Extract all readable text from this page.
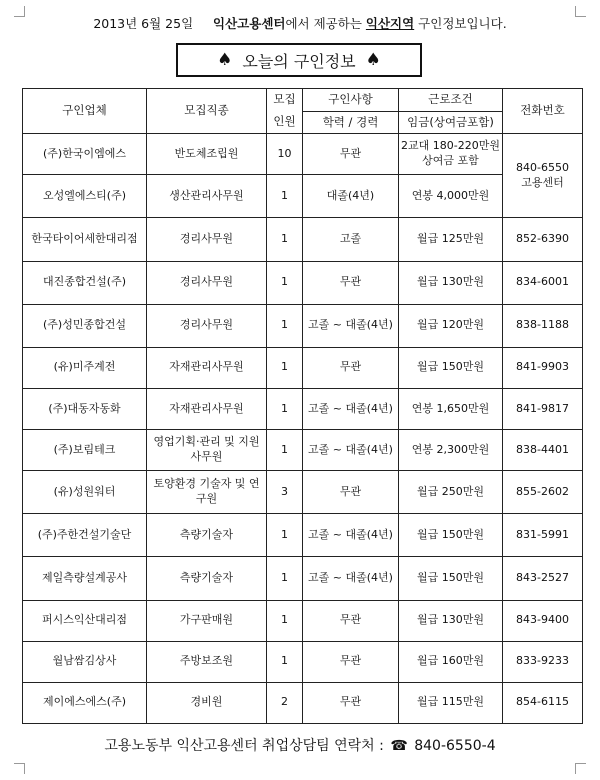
2013년 6월 25일 익산고용센터에서 제공하는 익산지역 구인정보입니다.
♠ 오늘의 구인정보 ♠
구인업체	모집직종	모집	구인사항	근로조건	전화번호
		인원	학력 / 경력	임금(상여금포함)	
(주)한국이엠에스	반도체조립원	10	무관	2교대 180-220만원 상여금 포함	840-6550
고용센터

오성엘에스티(주)	생산관리사무원	1	대졸(4년)	연봉 4,000만원	
한국타이어세한대리점	경리사무원	1	고졸	월급 125만원	852-6390
대진종합건설(주)	경리사무원	1	무관	월급 130만원	834-6001
(주)성민종합건설	경리사무원	1	고졸 ~ 대졸(4년)	월급 120만원	838-1188
(유)미주계전	자재관리사무원	1	무관	월급 150만원	841-9903
(주)대동자동화	자재관리사무원	1	고졸 ~ 대졸(4년)	연봉 1,650만원	841-9817
(주)보림테크	영업기획·관리 및 지원 사무원	1	고졸 ~ 대졸(4년)	연봉 2,300만원	838-4401
(유)성원워터	토양환경 기술자 및 연구원	3	무관	월급 250만원	855-2602
(주)주한건설기술단	측량기술자	1	고졸 ~ 대졸(4년)	월급 150만원	831-5991
제일측량설계공사	측량기술자	1	고졸 ~ 대졸(4년)	월급 150만원	843-2527
퍼시스익산대리점	가구판매원	1	무관	월급 130만원	843-9400
월남쌈김상사	주방보조원	1	무관	월급 160만원	833-9233
제이에스에스(주)	경비원	2	무관	월급 115만원	854-6115
고용노동부 익산고용센터 취업상담팀 연락처 : ☎ 840-6550-4
